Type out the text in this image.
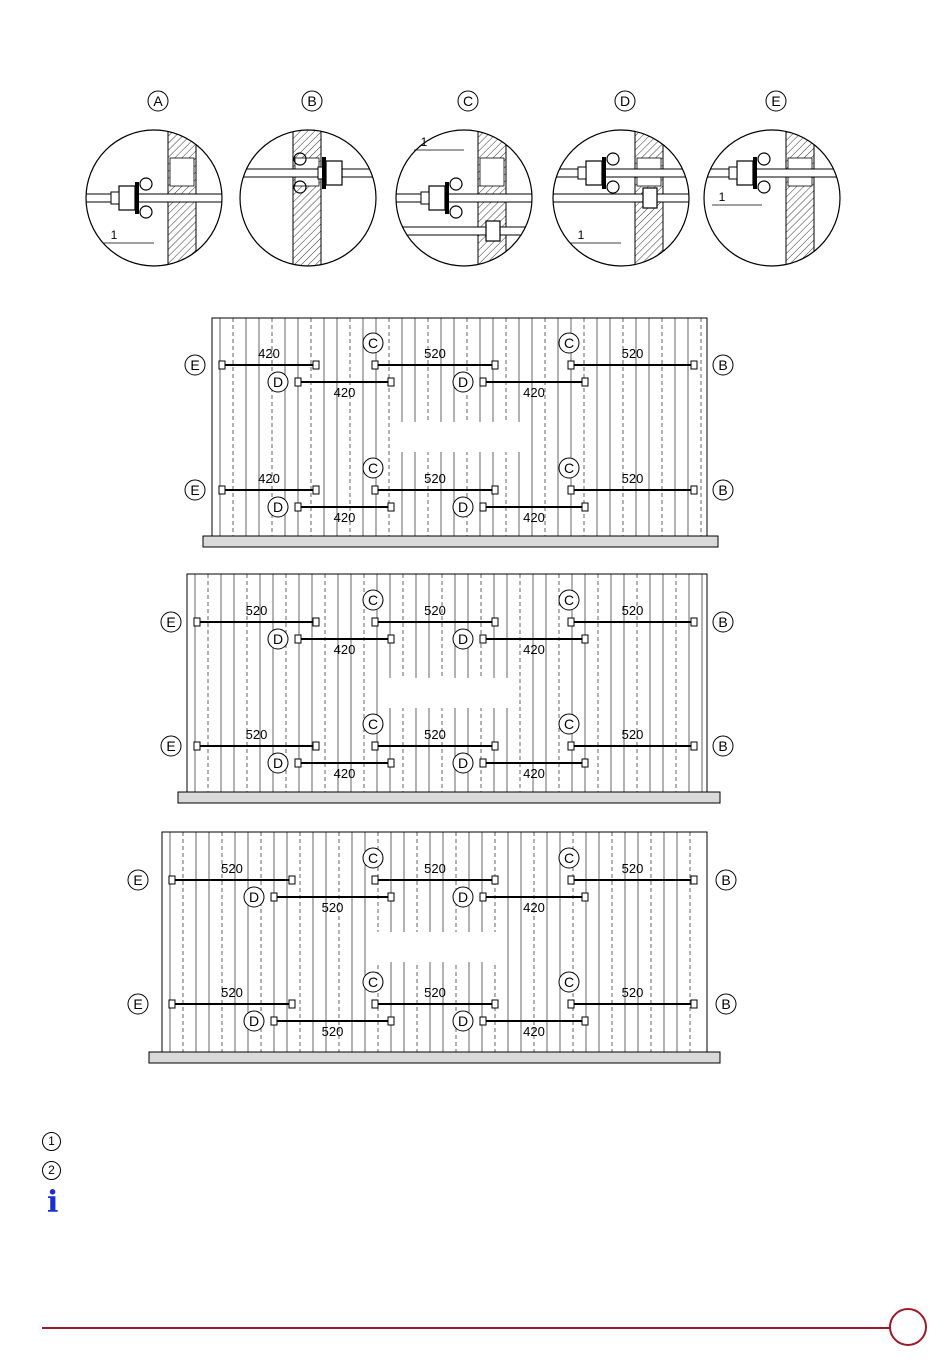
A
1
B	C
1
D
1
E
1
E	B
420	520
C
520
C
420
D
420
D
E	B
420	520
C
520
C
420
D
420
D
E	B
520	520
C
520
C
420
D
420
D
E	B
520	520
C
520
C
420
D
420
D
E	B
520	520
C
520
C
520
D
420
D
E	B
520	520
C
520
C
520
D
420
D
1
2
i
